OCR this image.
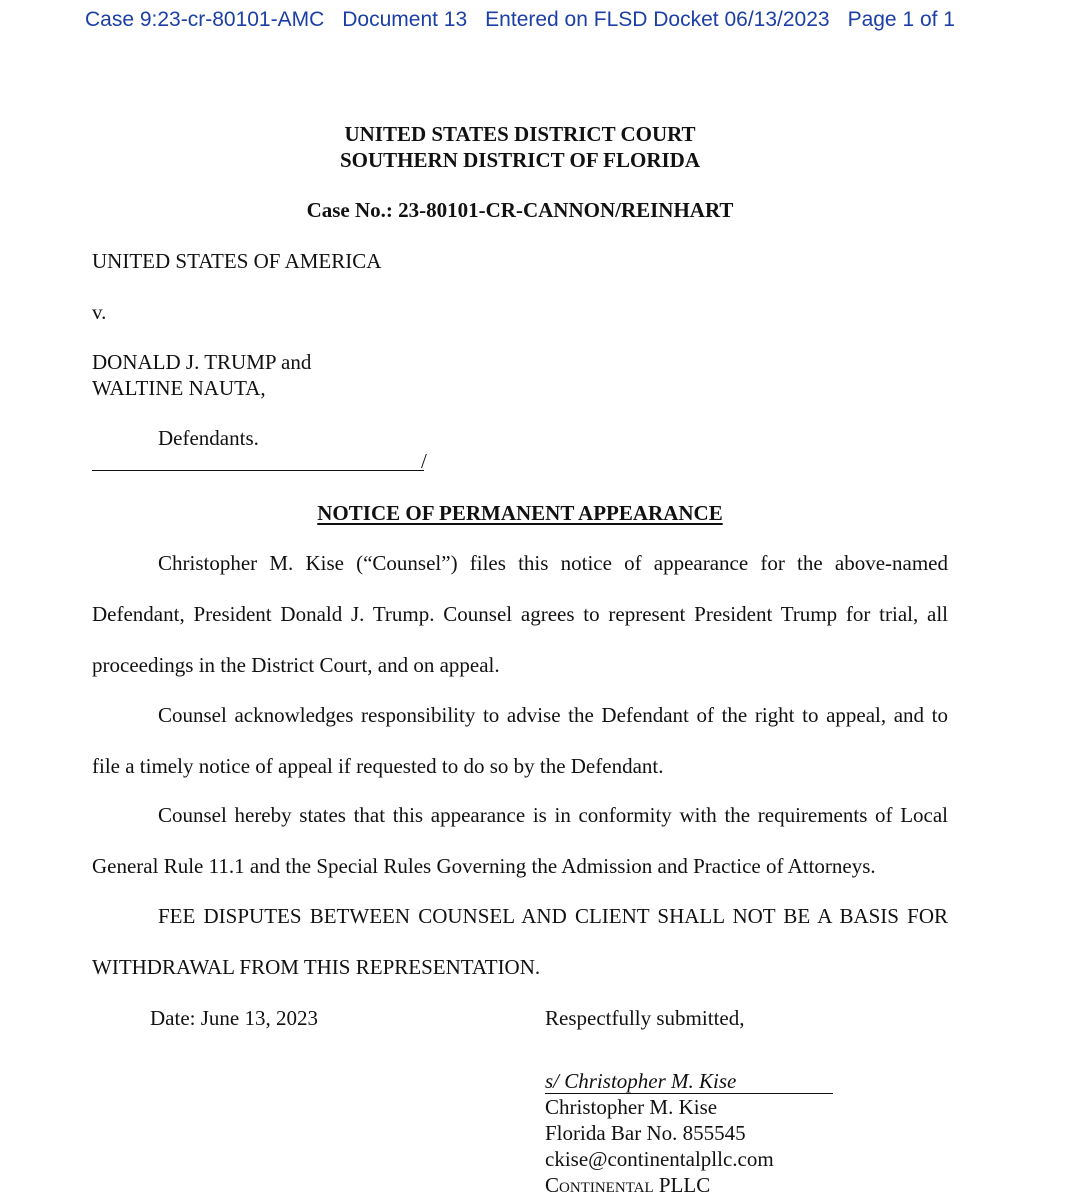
Case 9:23-cr-80101-AMC Document 13 Entered on FLSD Docket 06/13/2023 Page 1 of 1
UNITED STATES DISTRICT COURT
SOUTHERN DISTRICT OF FLORIDA
Case No.: 23-80101-CR-CANNON/REINHART
UNITED STATES OF AMERICA
v.
DONALD J. TRUMP and
WALTINE NAUTA,
Defendants.
/
NOTICE OF PERMANENT APPEARANCE
Christopher M. Kise (“Counsel”) files this notice of appearance for the above-named Defendant, President Donald J. Trump. Counsel agrees to represent President Trump for trial, all proceedings in the District Court, and on appeal.
Counsel acknowledges responsibility to advise the Defendant of the right to appeal, and to file a timely notice of appeal if requested to do so by the Defendant.
Counsel hereby states that this appearance is in conformity with the requirements of Local General Rule 11.1 and the Special Rules Governing the Admission and Practice of Attorneys.
FEE DISPUTES BETWEEN COUNSEL AND CLIENT SHALL NOT BE A BASIS FOR WITHDRAWAL FROM THIS REPRESENTATION.
Date: June 13, 2023	Respectfully submitted,
s/ Christopher M. Kise
Christopher M. Kise
Florida Bar No. 855545
ckise@continentalpllc.com
Continental PLLC
